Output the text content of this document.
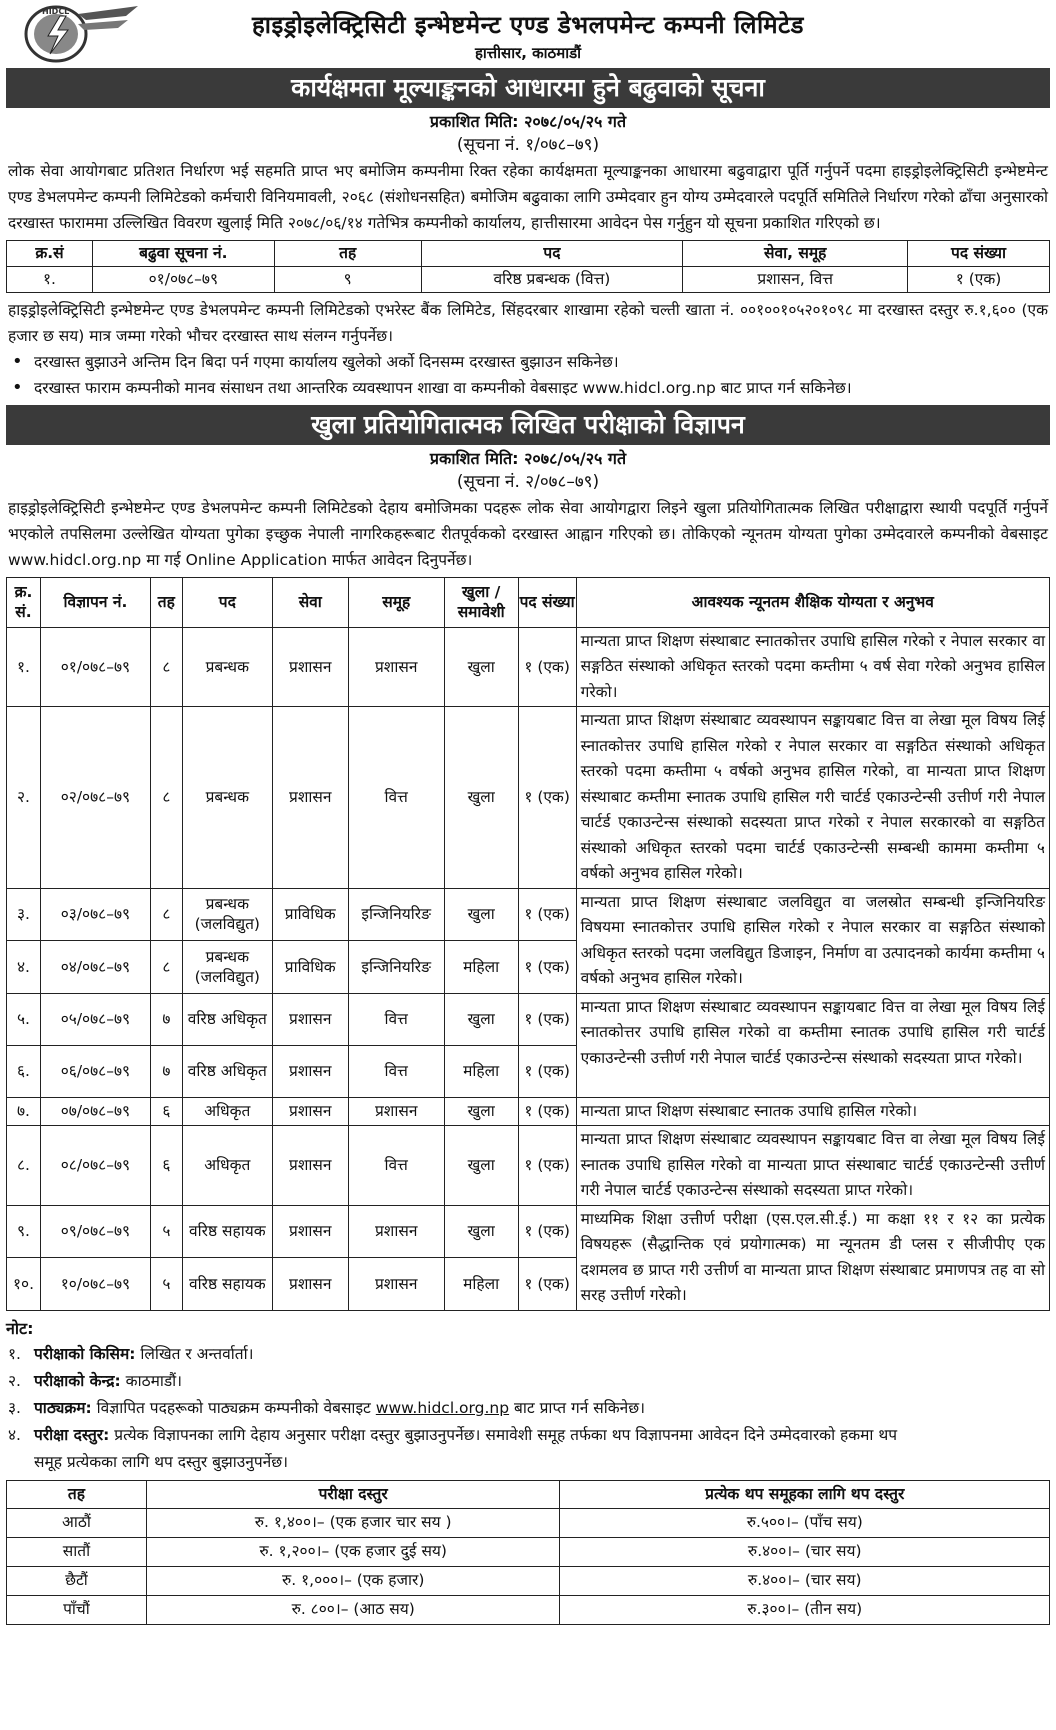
HIDCL	हाइड्रोइलेक्ट्रिसिटी इन्भेष्टमेन्ट एण्ड डेभलपमेन्ट कम्पनी लिमिटेड
हात्तीसार, काठमाडौं
कार्यक्षमता मूल्याङ्कनको आधारमा हुने बढुवाको सूचना
प्रकाशित मिति: २०७८/०५/२५ गते
(सूचना नं. १/०७८–७९)

लोक सेवा आयोगबाट प्रतिशत निर्धारण भई सहमति प्राप्त भए बमोजिम कम्पनीमा रिक्त रहेका कार्यक्षमता मूल्याङ्कनका आधारमा बढुवाद्वारा पूर्ति गर्नुपर्ने पदमा हाइड्रोइलेक्ट्रिसिटी इन्भेष्टमेन्ट एण्ड डेभलपमेन्ट कम्पनी लिमिटेडको कर्मचारी विनियमावली, २०६८ (संशोधनसहित) बमोजिम बढुवाका लागि उम्मेदवार हुन योग्य उम्मेदवारले पदपूर्ति समितिले निर्धारण गरेको ढाँचा अनुसारको दरखास्त फाराममा उल्लिखित विवरण खुलाई मिति २०७८/०६/१४ गतेभित्र कम्पनीको कार्यालय, हात्तीसारमा आवेदन पेस गर्नुहुन यो सूचना प्रकाशित गरिएको छ।

क्र.सं	बढुवा सूचना नं.	तह	पद	सेवा, समूह	पद संख्या
१.	०१/०७८–७९	९	वरिष्ठ प्रबन्धक (वित्त)	प्रशासन, वित्त	१ (एक)

हाइड्रोइलेक्ट्रिसिटी इन्भेष्टमेन्ट एण्ड डेभलपमेन्ट कम्पनी लिमिटेडको एभरेस्ट बैंक लिमिटेड, सिंहदरबार शाखामा रहेको चल्ती खाता नं. ००१००१०५२०१०९८ मा दरखास्त दस्तुर रु.१,६०० (एक हजार छ सय) मात्र जम्मा गरेको भौचर दरखास्त साथ संलग्न गर्नुपर्नेछ।

• दरखास्त बुझाउने अन्तिम दिन बिदा पर्न गएमा कार्यालय खुलेको अर्को दिनसम्म दरखास्त बुझाउन सकिनेछ।
• दरखास्त फाराम कम्पनीको मानव संसाधन तथा आन्तरिक व्यवस्थापन शाखा वा कम्पनीको वेबसाइट www.hidcl.org.np बाट प्राप्त गर्न सकिनेछ।
खुला प्रतियोगितात्मक लिखित परीक्षाको विज्ञापन
प्रकाशित मिति: २०७८/०५/२५ गते
(सूचना नं. २/०७८–७९)

हाइड्रोइलेक्ट्रिसिटी इन्भेष्टमेन्ट एण्ड डेभलपमेन्ट कम्पनी लिमिटेडको देहाय बमोजिमका पदहरू लोक सेवा आयोगद्वारा लिइने खुला प्रतियोगितात्मक लिखित परीक्षाद्वारा स्थायी पदपूर्ति गर्नुपर्ने भएकोले तपसिलमा उल्लेखित योग्यता पुगेका इच्छुक नेपाली नागरिकहरूबाट रीतपूर्वकको दरखास्त आह्वान गरिएको छ। तोकिएको न्यूनतम योग्यता पुगेका उम्मेदवारले कम्पनीको वेबसाइट www.hidcl.org.np मा गई Online Application मार्फत आवेदन दिनुपर्नेछ।

क्र. सं.	विज्ञापन नं.	तह	पद	सेवा	समूह	खुला /समावेशी	पद संख्या	आवश्यक न्यूनतम शैक्षिक योग्यता र अनुभव
१.	०१/०७८–७९	८	प्रबन्धक	प्रशासन	प्रशासन	खुला	१ (एक)	मान्यता प्राप्त शिक्षण संस्थाबाट स्नातकोत्तर उपाधि हासिल गरेको र नेपाल सरकार वा सङ्गठित संस्थाको अधिकृत स्तरको पदमा कम्तीमा ५ वर्ष सेवा गरेको अनुभव हासिल गरेको।
२.	०२/०७८–७९	८	प्रबन्धक	प्रशासन	वित्त	खुला	१ (एक)	मान्यता प्राप्त शिक्षण संस्थाबाट व्यवस्थापन सङ्कायबाट वित्त वा लेखा मूल विषय लिई स्नातकोत्तर उपाधि हासिल गरेको र नेपाल सरकार वा सङ्गठित संस्थाको अधिकृत स्तरको पदमा कम्तीमा ५ वर्षको अनुभव हासिल गरेको, वा मान्यता प्राप्त शिक्षण संस्थाबाट कम्तीमा स्नातक उपाधि हासिल गरी चार्टर्ड एकाउन्टेन्सी उत्तीर्ण गरी नेपाल चार्टर्ड एकाउन्टेन्स संस्थाको सदस्यता प्राप्त गरेको र नेपाल सरकारको वा सङ्गठित संस्थाको अधिकृत स्तरको पदमा चार्टर्ड एकाउन्टेन्सी सम्बन्धी काममा कम्तीमा ५ वर्षको अनुभव हासिल गरेको।
३.	०३/०७८–७९	८	प्रबन्धक (जलविद्युत)	प्राविधिक	इन्जिनियरिङ	खुला	१ (एक)	मान्यता प्राप्त शिक्षण संस्थाबाट जलविद्युत वा जलस्रोत सम्बन्धी इन्जिनियरिङ विषयमा स्नातकोत्तर उपाधि हासिल गरेको र नेपाल सरकार वा सङ्गठित संस्थाको अधिकृत स्तरको पदमा जलविद्युत डिजाइन, निर्माण वा उत्पादनको कार्यमा कम्तीमा ५ वर्षको अनुभव हासिल गरेको।
४.	०४/०७८–७९	८	प्रबन्धक (जलविद्युत)	प्राविधिक	इन्जिनियरिङ	महिला	१ (एक)	
५.	०५/०७८–७९	७	वरिष्ठ अधिकृत	प्रशासन	वित्त	खुला	१ (एक)	मान्यता प्राप्त शिक्षण संस्थाबाट व्यवस्थापन सङ्कायबाट वित्त वा लेखा मूल विषय लिई स्नातकोत्तर उपाधि हासिल गरेको वा कम्तीमा स्नातक उपाधि हासिल गरी चार्टर्ड एकाउन्टेन्सी उत्तीर्ण गरी नेपाल चार्टर्ड एकाउन्टेन्स संस्थाको सदस्यता प्राप्त गरेको।
६.	०६/०७८–७९	७	वरिष्ठ अधिकृत	प्रशासन	वित्त	महिला	१ (एक)	
७.	०७/०७८–७९	६	अधिकृत	प्रशासन	प्रशासन	खुला	१ (एक)	मान्यता प्राप्त शिक्षण संस्थाबाट स्नातक उपाधि हासिल गरेको।
८.	०८/०७८–७९	६	अधिकृत	प्रशासन	वित्त	खुला	१ (एक)	मान्यता प्राप्त शिक्षण संस्थाबाट व्यवस्थापन सङ्कायबाट वित्त वा लेखा मूल विषय लिई स्नातक उपाधि हासिल गरेको वा मान्यता प्राप्त संस्थाबाट चार्टर्ड एकाउन्टेन्सी उत्तीर्ण गरी नेपाल चार्टर्ड एकाउन्टेन्स संस्थाको सदस्यता प्राप्त गरेको।
९.	०९/०७८–७९	५	वरिष्ठ सहायक	प्रशासन	प्रशासन	खुला	१ (एक)	माध्यमिक शिक्षा उत्तीर्ण परीक्षा (एस.एल.सी.ई.) मा कक्षा ११ र १२ का प्रत्येक विषयहरू (सैद्धान्तिक एवं प्रयोगात्मक) मा न्यूनतम डी प्लस र सीजीपीए एक दशमलव छ प्राप्त गरी उत्तीर्ण वा मान्यता प्राप्त शिक्षण संस्थाबाट प्रमाणपत्र तह वा सो सरह उत्तीर्ण गरेको।
१०.	१०/०७८–७९	५	वरिष्ठ सहायक	प्रशासन	प्रशासन	महिला	१ (एक)	
नोट:
१. परीक्षाको किसिम: लिखित र अन्तर्वार्ता।
२. परीक्षाको केन्द्र: काठमाडौं।
३. पाठ्यक्रम: विज्ञापित पदहरूको पाठ्यक्रम कम्पनीको वेबसाइट www.hidcl.org.np बाट प्राप्त गर्न सकिनेछ।
४. परीक्षा दस्तुर: प्रत्येक विज्ञापनका लागि देहाय अनुसार परीक्षा दस्तुर बुझाउनुपर्नेछ। समावेशी समूह तर्फका थप विज्ञापनमा आवेदन दिने उम्मेदवारको हकमा थप
समूह प्रत्येकका लागि थप दस्तुर बुझाउनुपर्नेछ।
तह	परीक्षा दस्तुर	प्रत्येक थप समूहका लागि थप दस्तुर
आठौं	रु. १,४००।– (एक हजार चार सय )	रु.५००।– (पाँच सय)
सातौं	रु. १,२००।– (एक हजार दुई सय)	रु.४००।– (चार सय)
छैटौं	रु. १,०००।– (एक हजार)	रु.४००।– (चार सय)
पाँचौं	रु. ८००।– (आठ सय)	रु.३००।– (तीन सय)
